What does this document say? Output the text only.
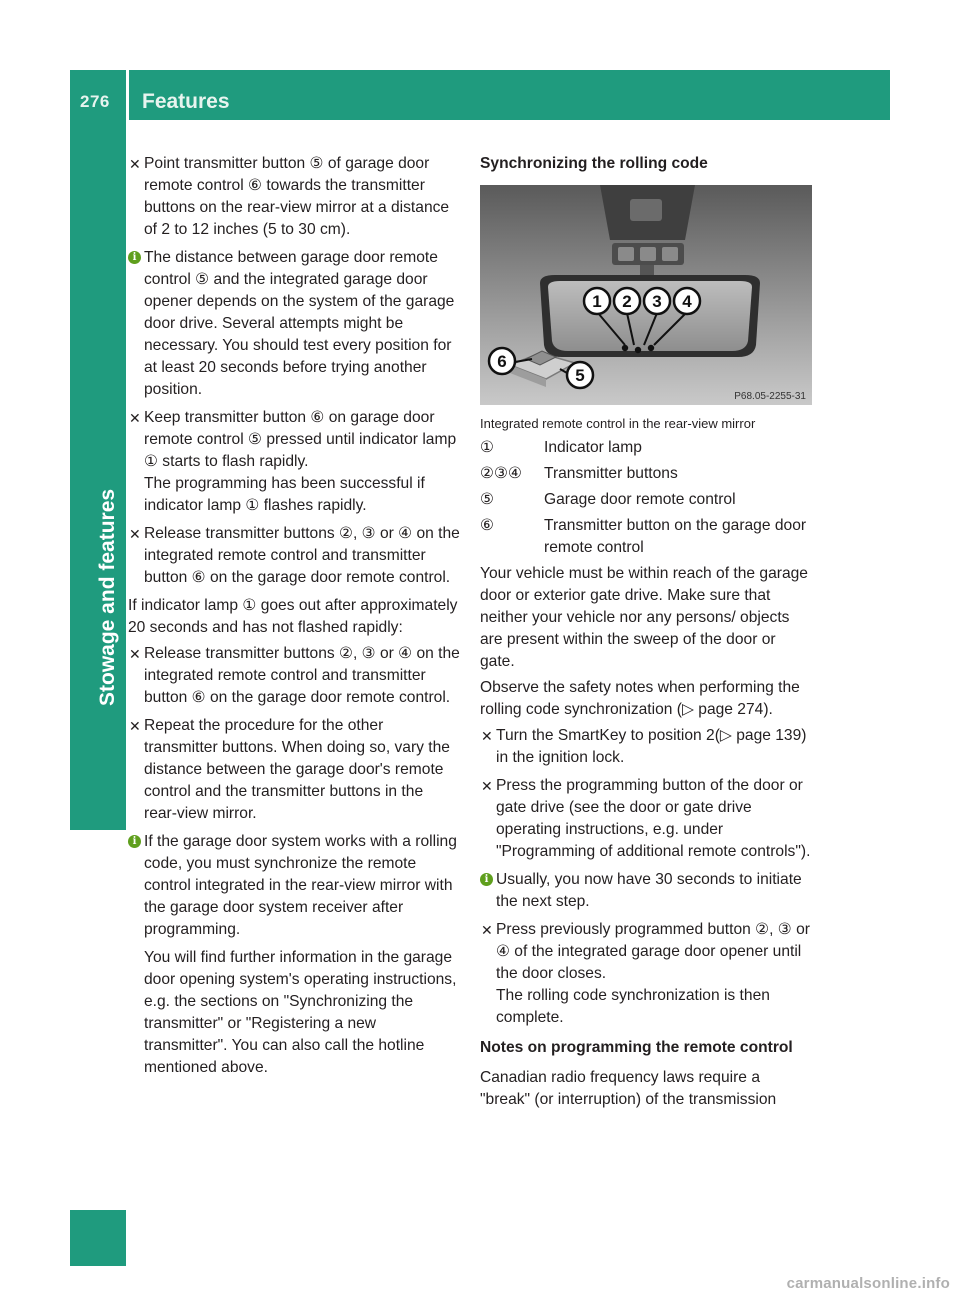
276 Features
Stowage and features
✕ Point transmitter button ⑤ of garage door remote control ⑥ towards the transmitter buttons on the rear-view mirror at a distance of 2 to 12 inches (5 to 30 cm).
i The distance between garage door remote control ⑤ and the integrated garage door opener depends on the system of the garage door drive. Several attempts might be necessary. You should test every position for at least 20 seconds before trying another position.
✕ Keep transmitter button ⑥ on garage door remote control ⑤ pressed until indicator lamp ① starts to flash rapidly.
The programming has been successful if indicator lamp ① flashes rapidly.
✕ Release transmitter buttons ②, ③ or ④ on the integrated remote control and transmitter button ⑥ on the garage door remote control.
If indicator lamp ① goes out after approximately 20 seconds and has not flashed rapidly:
✕ Release transmitter buttons ②, ③ or ④ on the integrated remote control and transmitter button ⑥ on the garage door remote control.
✕ Repeat the procedure for the other transmitter buttons. When doing so, vary the distance between the garage door's remote control and the transmitter buttons in the rear-view mirror.
i If the garage door system works with a rolling code, you must synchronize the remote control integrated in the rear-view mirror with the garage door system receiver after programming.
You will find further information in the garage door opening system's operating instructions, e.g. the sections on "Synchronizing the transmitter" or "Registering a new transmitter". You can also call the hotline mentioned above.
Synchronizing the rolling code
1 2 3 4
6
5
P68.05-2255-31
Integrated remote control in the rear-view mirror
①	Indicator lamp
②③④	Transmitter buttons
⑤	Garage door remote control
⑥	Transmitter button on the garage door remote control
Your vehicle must be within reach of the garage door or exterior gate drive. Make sure that neither your vehicle nor any persons/ objects are present within the sweep of the door or gate.
Observe the safety notes when performing the rolling code synchronization (▷ page 274).
✕ Turn the SmartKey to position 2(▷ page 139) in the ignition lock.
✕ Press the programming button of the door or gate drive (see the door or gate drive operating instructions, e.g. under "Programming of additional remote controls").
i Usually, you now have 30 seconds to initiate the next step.
✕ Press previously programmed button ②, ③ or ④ of the integrated garage door opener until the door closes.
The rolling code synchronization is then complete.
Notes on programming the remote control
Canadian radio frequency laws require a "break" (or interruption) of the transmission
carmanualsonline.info
